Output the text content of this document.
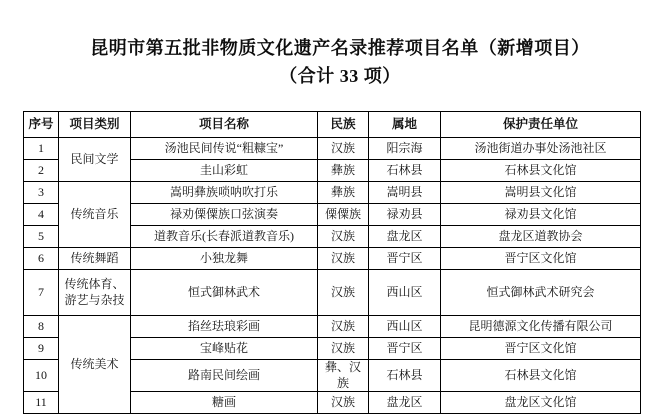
昆明市第五批非物质文化遗产名录推荐项目名单（新增项目）
（合计 33 项）
序号	项目类别	项目名称	民族	属地	保护责任单位
1	民间文学	汤池民间传说“粗糠宝”	汉族	阳宗海	汤池街道办事处汤池社区
2		圭山彩虹	彝族	石林县	石林县文化馆
3	传统音乐	嵩明彝族唢呐吹打乐	彝族	嵩明县	嵩明县文化馆
4		禄劝傈僳族口弦演奏	傈僳族	禄劝县	禄劝县文化馆
5		道教音乐(长春派道教音乐)	汉族	盘龙区	盘龙区道教协会
6	传统舞蹈	小独龙舞	汉族	晋宁区	晋宁区文化馆
7	传统体育、游艺与杂技	恒式御林武术	汉族	西山区	恒式御林武术研究会
8	传统美术	掐丝珐琅彩画	汉族	西山区	昆明德源文化传播有限公司
9		宝峰贴花	汉族	晋宁区	晋宁区文化馆
10		路南民间绘画	彝、汉族	石林县	石林县文化馆
11		糖画	汉族	盘龙区	盘龙区文化馆
